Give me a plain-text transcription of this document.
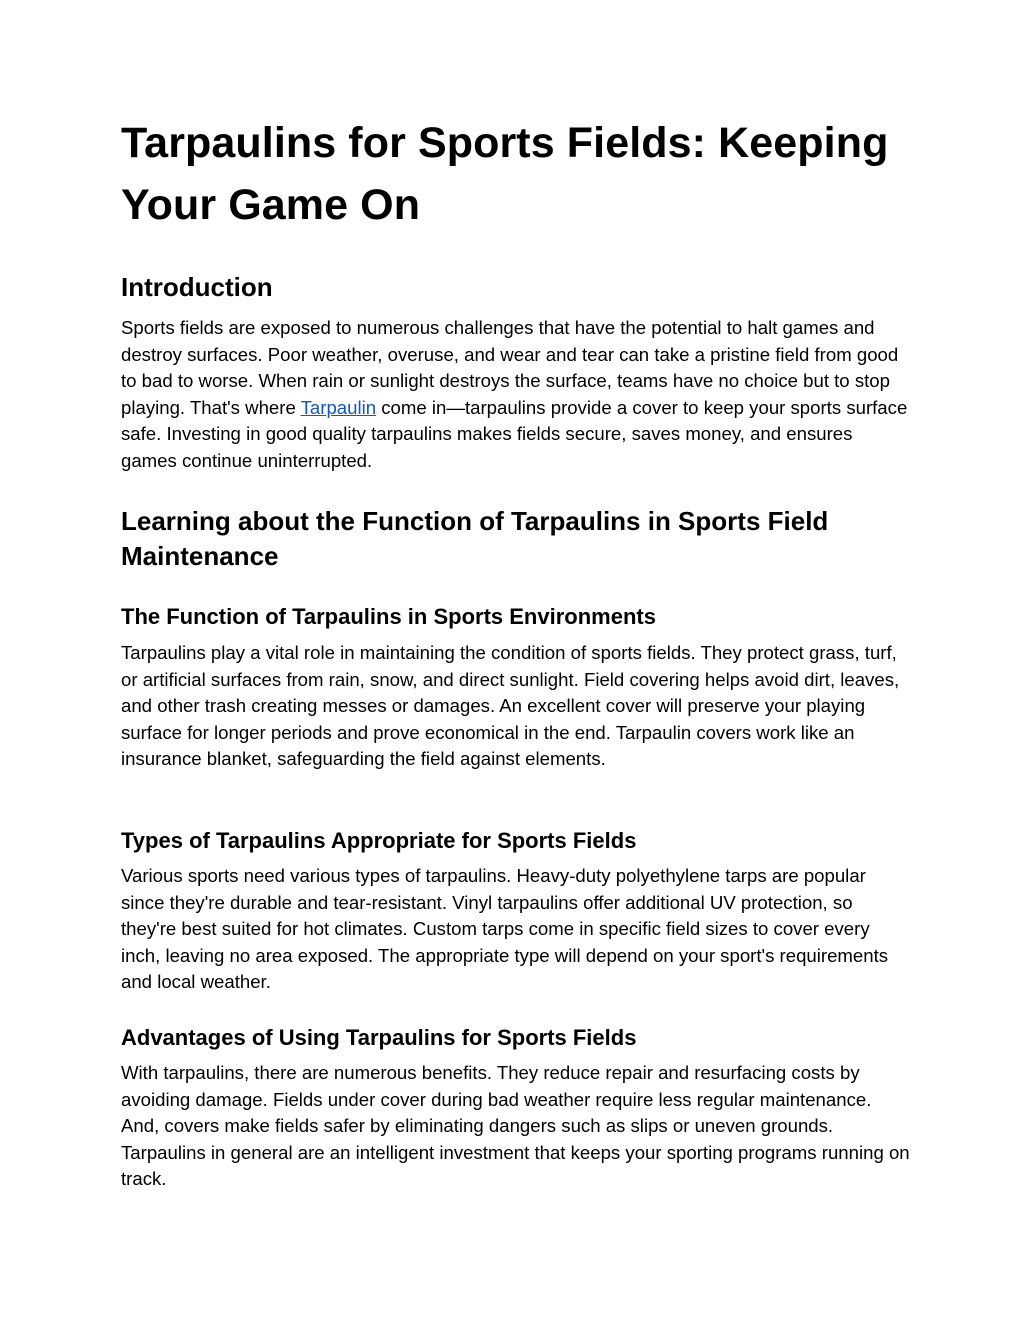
Tarpaulins for Sports Fields: Keeping Your Game On
Introduction

Sports fields are exposed to numerous challenges that have the potential to halt games and destroy surfaces. Poor weather, overuse, and wear and tear can take a pristine field from good to bad to worse. When rain or sunlight destroys the surface, teams have no choice but to stop playing. That's where Tarpaulin come in—tarpaulins provide a cover to keep your sports surface safe. Investing in good quality tarpaulins makes fields secure, saves money, and ensures games continue uninterrupted.

Learning about the Function of Tarpaulins in Sports Field Maintenance
The Function of Tarpaulins in Sports Environments

Tarpaulins play a vital role in maintaining the condition of sports fields. They protect grass, turf, or artificial surfaces from rain, snow, and direct sunlight. Field covering helps avoid dirt, leaves, and other trash creating messes or damages. An excellent cover will preserve your playing surface for longer periods and prove economical in the end. Tarpaulin covers work like an insurance blanket, safeguarding the field against elements.

Types of Tarpaulins Appropriate for Sports Fields

Various sports need various types of tarpaulins. Heavy-duty polyethylene tarps are popular since they're durable and tear-resistant. Vinyl tarpaulins offer additional UV protection, so they're best suited for hot climates. Custom tarps come in specific field sizes to cover every inch, leaving no area exposed. The appropriate type will depend on your sport's requirements and local weather.

Advantages of Using Tarpaulins for Sports Fields

With tarpaulins, there are numerous benefits. They reduce repair and resurfacing costs by avoiding damage. Fields under cover during bad weather require less regular maintenance. And, covers make fields safer by eliminating dangers such as slips or uneven grounds. Tarpaulins in general are an intelligent investment that keeps your sporting programs running on track.
